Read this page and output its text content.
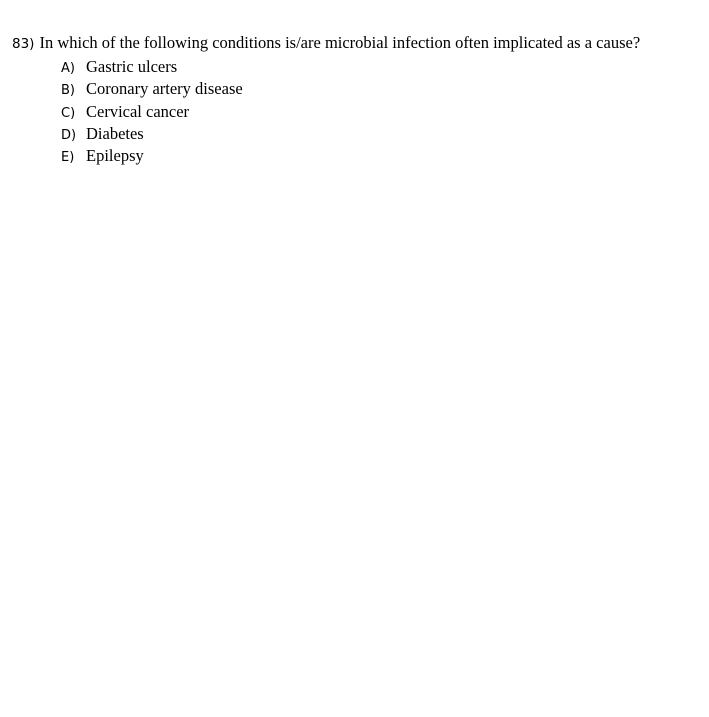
83) In which of the following conditions is/are microbial infection often implicated as a cause?
A) Gastric ulcers
B) Coronary artery disease
C) Cervical cancer
D) Diabetes
E) Epilepsy
